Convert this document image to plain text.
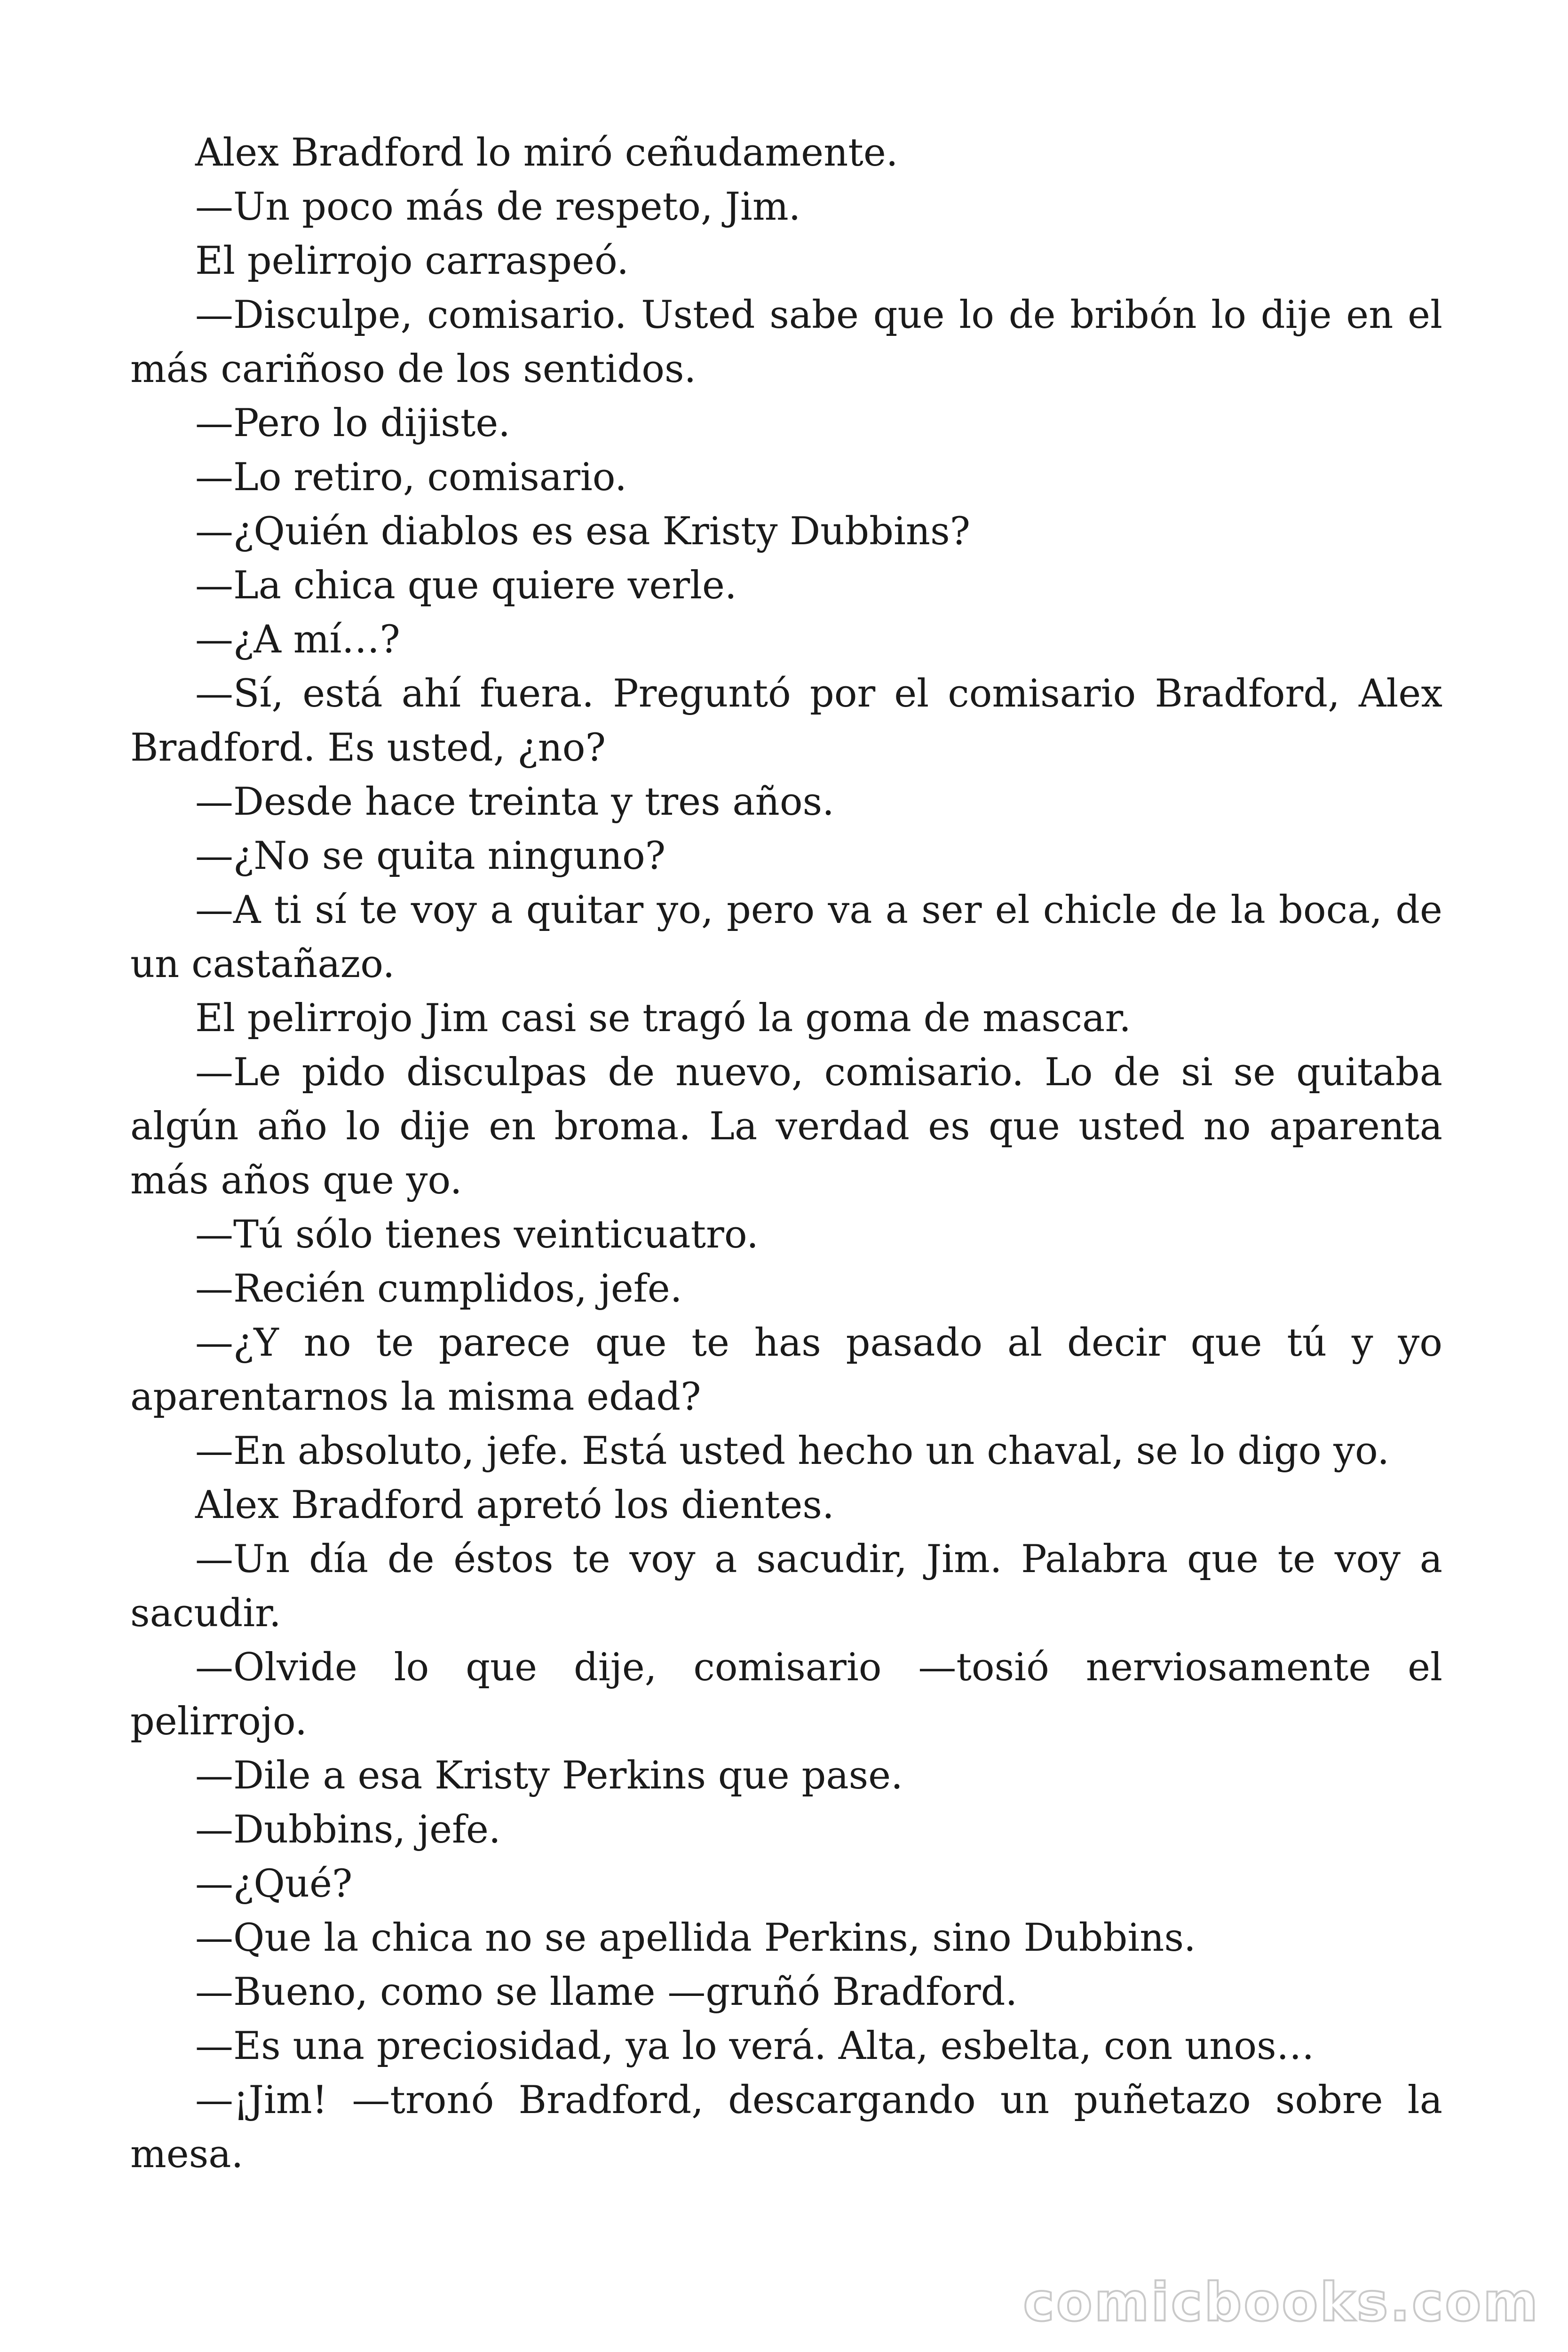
Alex Bradford lo miró ceñudamente.

—Un poco más de respeto, Jim.

El pelirrojo carraspeó.

—Disculpe, comisario. Usted sabe que lo de bribón lo dije en el más cariñoso de los sentidos.

—Pero lo dijiste.

—Lo retiro, comisario.

—¿Quién diablos es esa Kristy Dubbins?

—La chica que quiere verle.

—¿A mí…?

—Sí, está ahí fuera. Preguntó por el comisario Bradford, Alex Bradford. Es usted, ¿no?

—Desde hace treinta y tres años.

—¿No se quita ninguno?

—A ti sí te voy a quitar yo, pero va a ser el chicle de la boca, de un castañazo.

El pelirrojo Jim casi se tragó la goma de mascar.

—Le pido disculpas de nuevo, comisario. Lo de si se quitaba algún año lo dije en broma. La verdad es que usted no aparenta más años que yo.

—Tú sólo tienes veinticuatro.

—Recién cumplidos, jefe.

—¿Y no te parece que te has pasado al decir que tú y yo aparentarnos la misma edad?

—En absoluto, jefe. Está usted hecho un chaval, se lo digo yo.

Alex Bradford apretó los dientes.

—Un día de éstos te voy a sacudir, Jim. Palabra que te voy a sacudir.

—Olvide lo que dije, comisario —tosió nerviosamente el pelirrojo.

—Dile a esa Kristy Perkins que pase.

—Dubbins, jefe.

—¿Qué?

—Que la chica no se apellida Perkins, sino Dubbins.

—Bueno, como se llame —gruñó Bradford.

—Es una preciosidad, ya lo verá. Alta, esbelta, con unos…

—¡Jim! —tronó Bradford, descargando un puñetazo sobre la mesa.

comicbooks.com
